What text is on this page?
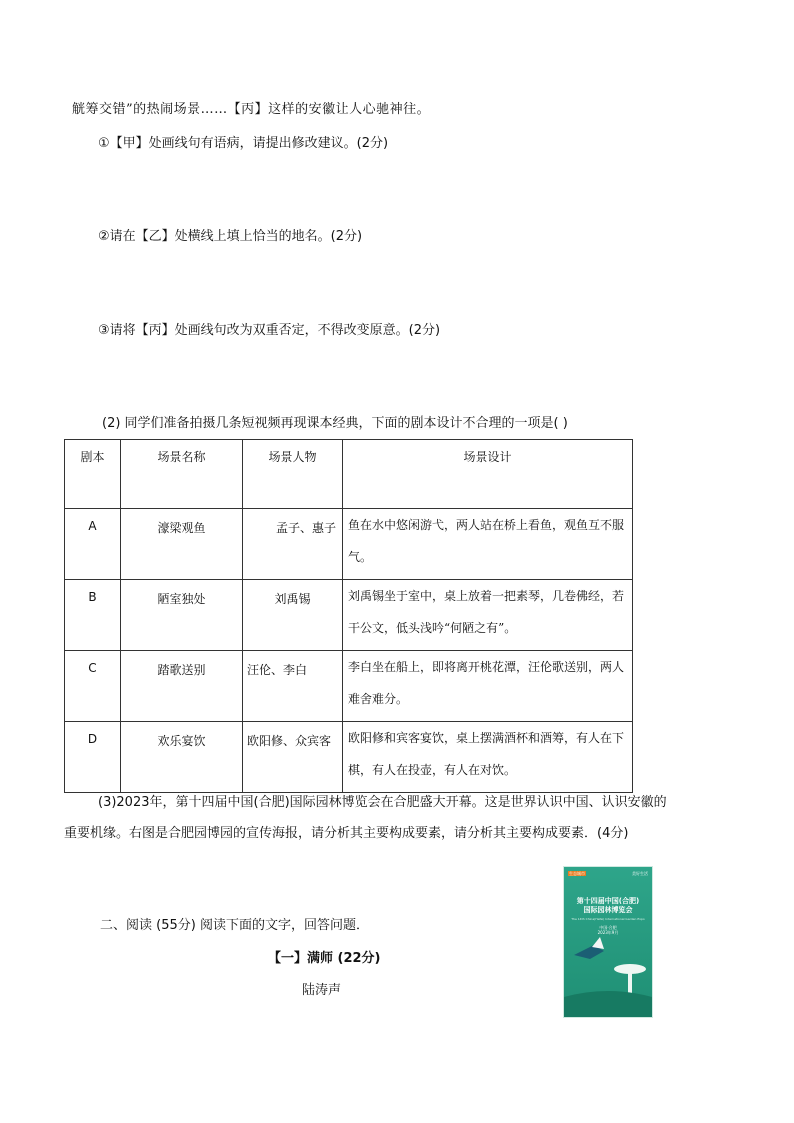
觥筹交错”的热闹场景……【丙】这样的安徽让人心驰神往。
①【甲】处画线句有语病，请提出修改建议。(2分)
②请在【乙】处横线上填上恰当的地名。(2分)
③请将【丙】处画线句改为双重否定，不得改变原意。(2分)
(2) 同学们准备拍摄几条短视频再现课本经典，下面的剧本设计不合理的一项是( )
剧本	场景名称	场景人物	场景设计
A	濠梁观鱼	孟子、惠子	鱼在水中悠闲游弋，两人站在桥上看鱼，观鱼互不服气。
B	陋室独处	刘禹锡	刘禹锡坐于室中，桌上放着一把素琴，几卷佛经，若干公文，低头浅吟“何陋之有”。
C	踏歌送别	汪伦、李白	李白坐在船上，即将离开桃花潭，汪伦歌送别，两人难舍难分。
D	欢乐宴饮	欧阳修、众宾客	欧阳修和宾客宴饮，桌上摆满酒杯和酒筹，有人在下棋，有人在投壶，有人在对饮。
(3)2023年，第十四届中国(合肥)国际园林博览会在合肥盛大开幕。这是世界认识中国、认识安徽的
重要机缘。右图是合肥园博园的宣传海报，请分析其主要构成要素，请分析其主要构成要素．(4分)
生态城市	美好生活
第十四届中国(合肥)
国际园林博览会
The 14th China(Hefei) International Garden Expo
中国·合肥
2023年9月
二、阅读 (55分) 阅读下面的文字，回答问题．
【一】满师 (22分)
陆涛声
